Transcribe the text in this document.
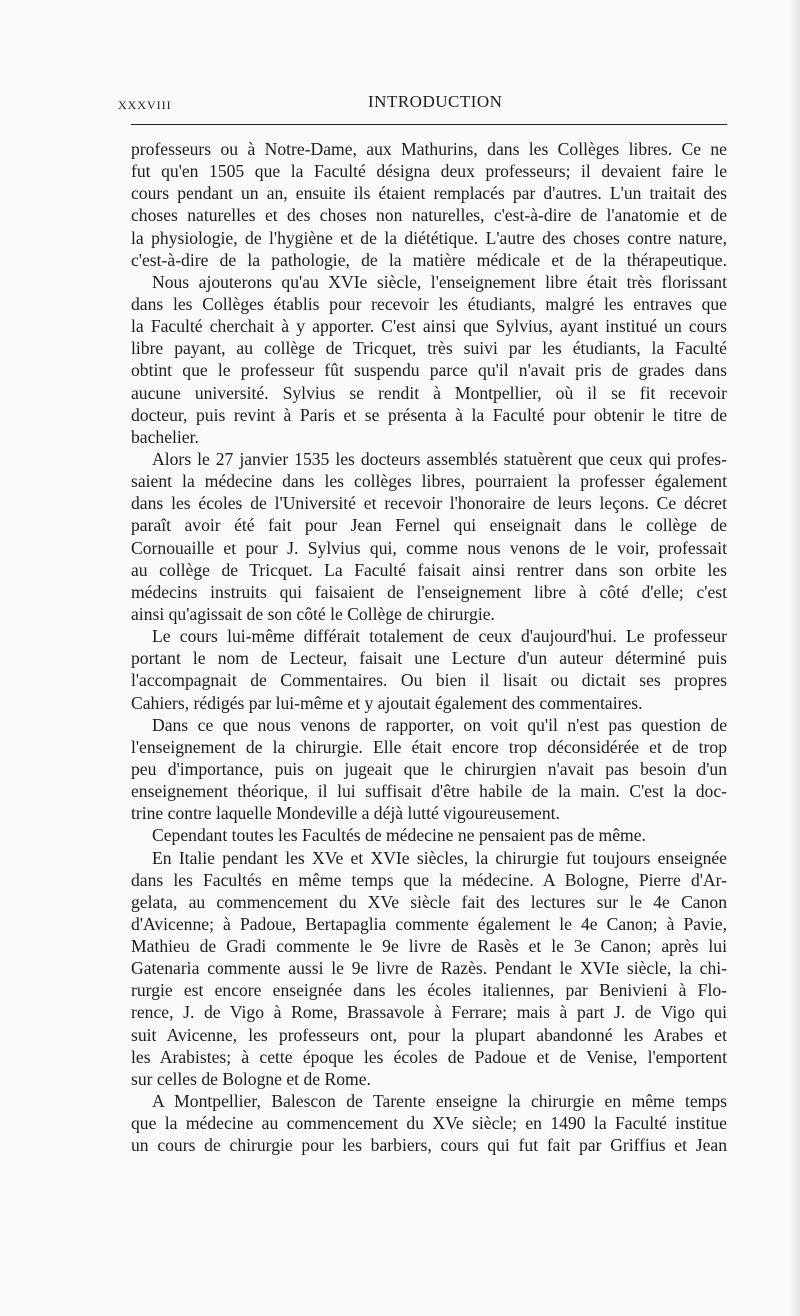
XXXVIII	INTRODUCTION
professeurs ou à Notre-Dame, aux Mathurins, dans les Collèges libres. Ce ne
fut qu'en 1505 que la Faculté désigna deux professeurs; il devaient faire le
cours pendant un an, ensuite ils étaient remplacés par d'autres. L'un traitait des
choses naturelles et des choses non naturelles, c'est-à-dire de l'anatomie et de
la physiologie, de l'hygiène et de la diététique. L'autre des choses contre nature,
c'est-à-dire de la pathologie, de la matière médicale et de la thérapeutique.
Nous ajouterons qu'au XVIe siècle, l'enseignement libre était très florissant
dans les Collèges établis pour recevoir les étudiants, malgré les entraves que
la Faculté cherchait à y apporter. C'est ainsi que Sylvius, ayant institué un cours
libre payant, au collège de Tricquet, très suivi par les étudiants, la Faculté
obtint que le professeur fût suspendu parce qu'il n'avait pris de grades dans
aucune université. Sylvius se rendit à Montpellier, où il se fit recevoir
docteur, puis revint à Paris et se présenta à la Faculté pour obtenir le titre de
bachelier.
Alors le 27 janvier 1535 les docteurs assemblés statuèrent que ceux qui profes-
saient la médecine dans les collèges libres, pourraient la professer également
dans les écoles de l'Université et recevoir l'honoraire de leurs leçons. Ce décret
paraît avoir été fait pour Jean Fernel qui enseignait dans le collège de
Cornouaille et pour J. Sylvius qui, comme nous venons de le voir, professait
au collège de Tricquet. La Faculté faisait ainsi rentrer dans son orbite les
médecins instruits qui faisaient de l'enseignement libre à côté d'elle; c'est
ainsi qu'agissait de son côté le Collège de chirurgie.
Le cours lui-même différait totalement de ceux d'aujourd'hui. Le professeur
portant le nom de Lecteur, faisait une Lecture d'un auteur déterminé puis
l'accompagnait de Commentaires. Ou bien il lisait ou dictait ses propres
Cahiers, rédigés par lui-même et y ajoutait également des commentaires.
Dans ce que nous venons de rapporter, on voit qu'il n'est pas question de
l'enseignement de la chirurgie. Elle était encore trop déconsidérée et de trop
peu d'importance, puis on jugeait que le chirurgien n'avait pas besoin d'un
enseignement théorique, il lui suffisait d'être habile de la main. C'est la doc-
trine contre laquelle Mondeville a déjà lutté vigoureusement.
Cependant toutes les Facultés de médecine ne pensaient pas de même.
En Italie pendant les XVe et XVIe siècles, la chirurgie fut toujours enseignée
dans les Facultés en même temps que la médecine. A Bologne, Pierre d'Ar-
gelata, au commencement du XVe siècle fait des lectures sur le 4e Canon
d'Avicenne; à Padoue, Bertapaglia commente également le 4e Canon; à Pavie,
Mathieu de Gradi commente le 9e livre de Rasès et le 3e Canon; après lui
Gatenaria commente aussi le 9e livre de Razès. Pendant le XVIe siècle, la chi-
rurgie est encore enseignée dans les écoles italiennes, par Benivieni à Flo-
rence, J. de Vigo à Rome, Brassavole à Ferrare; mais à part J. de Vigo qui
suit Avicenne, les professeurs ont, pour la plupart abandonné les Arabes et
les Arabistes; à cette époque les écoles de Padoue et de Venise, l'emportent
sur celles de Bologne et de Rome.
A Montpellier, Balescon de Tarente enseigne la chirurgie en même temps
que la médecine au commencement du XVe siècle; en 1490 la Faculté institue
un cours de chirurgie pour les barbiers, cours qui fut fait par Griffius et Jean
